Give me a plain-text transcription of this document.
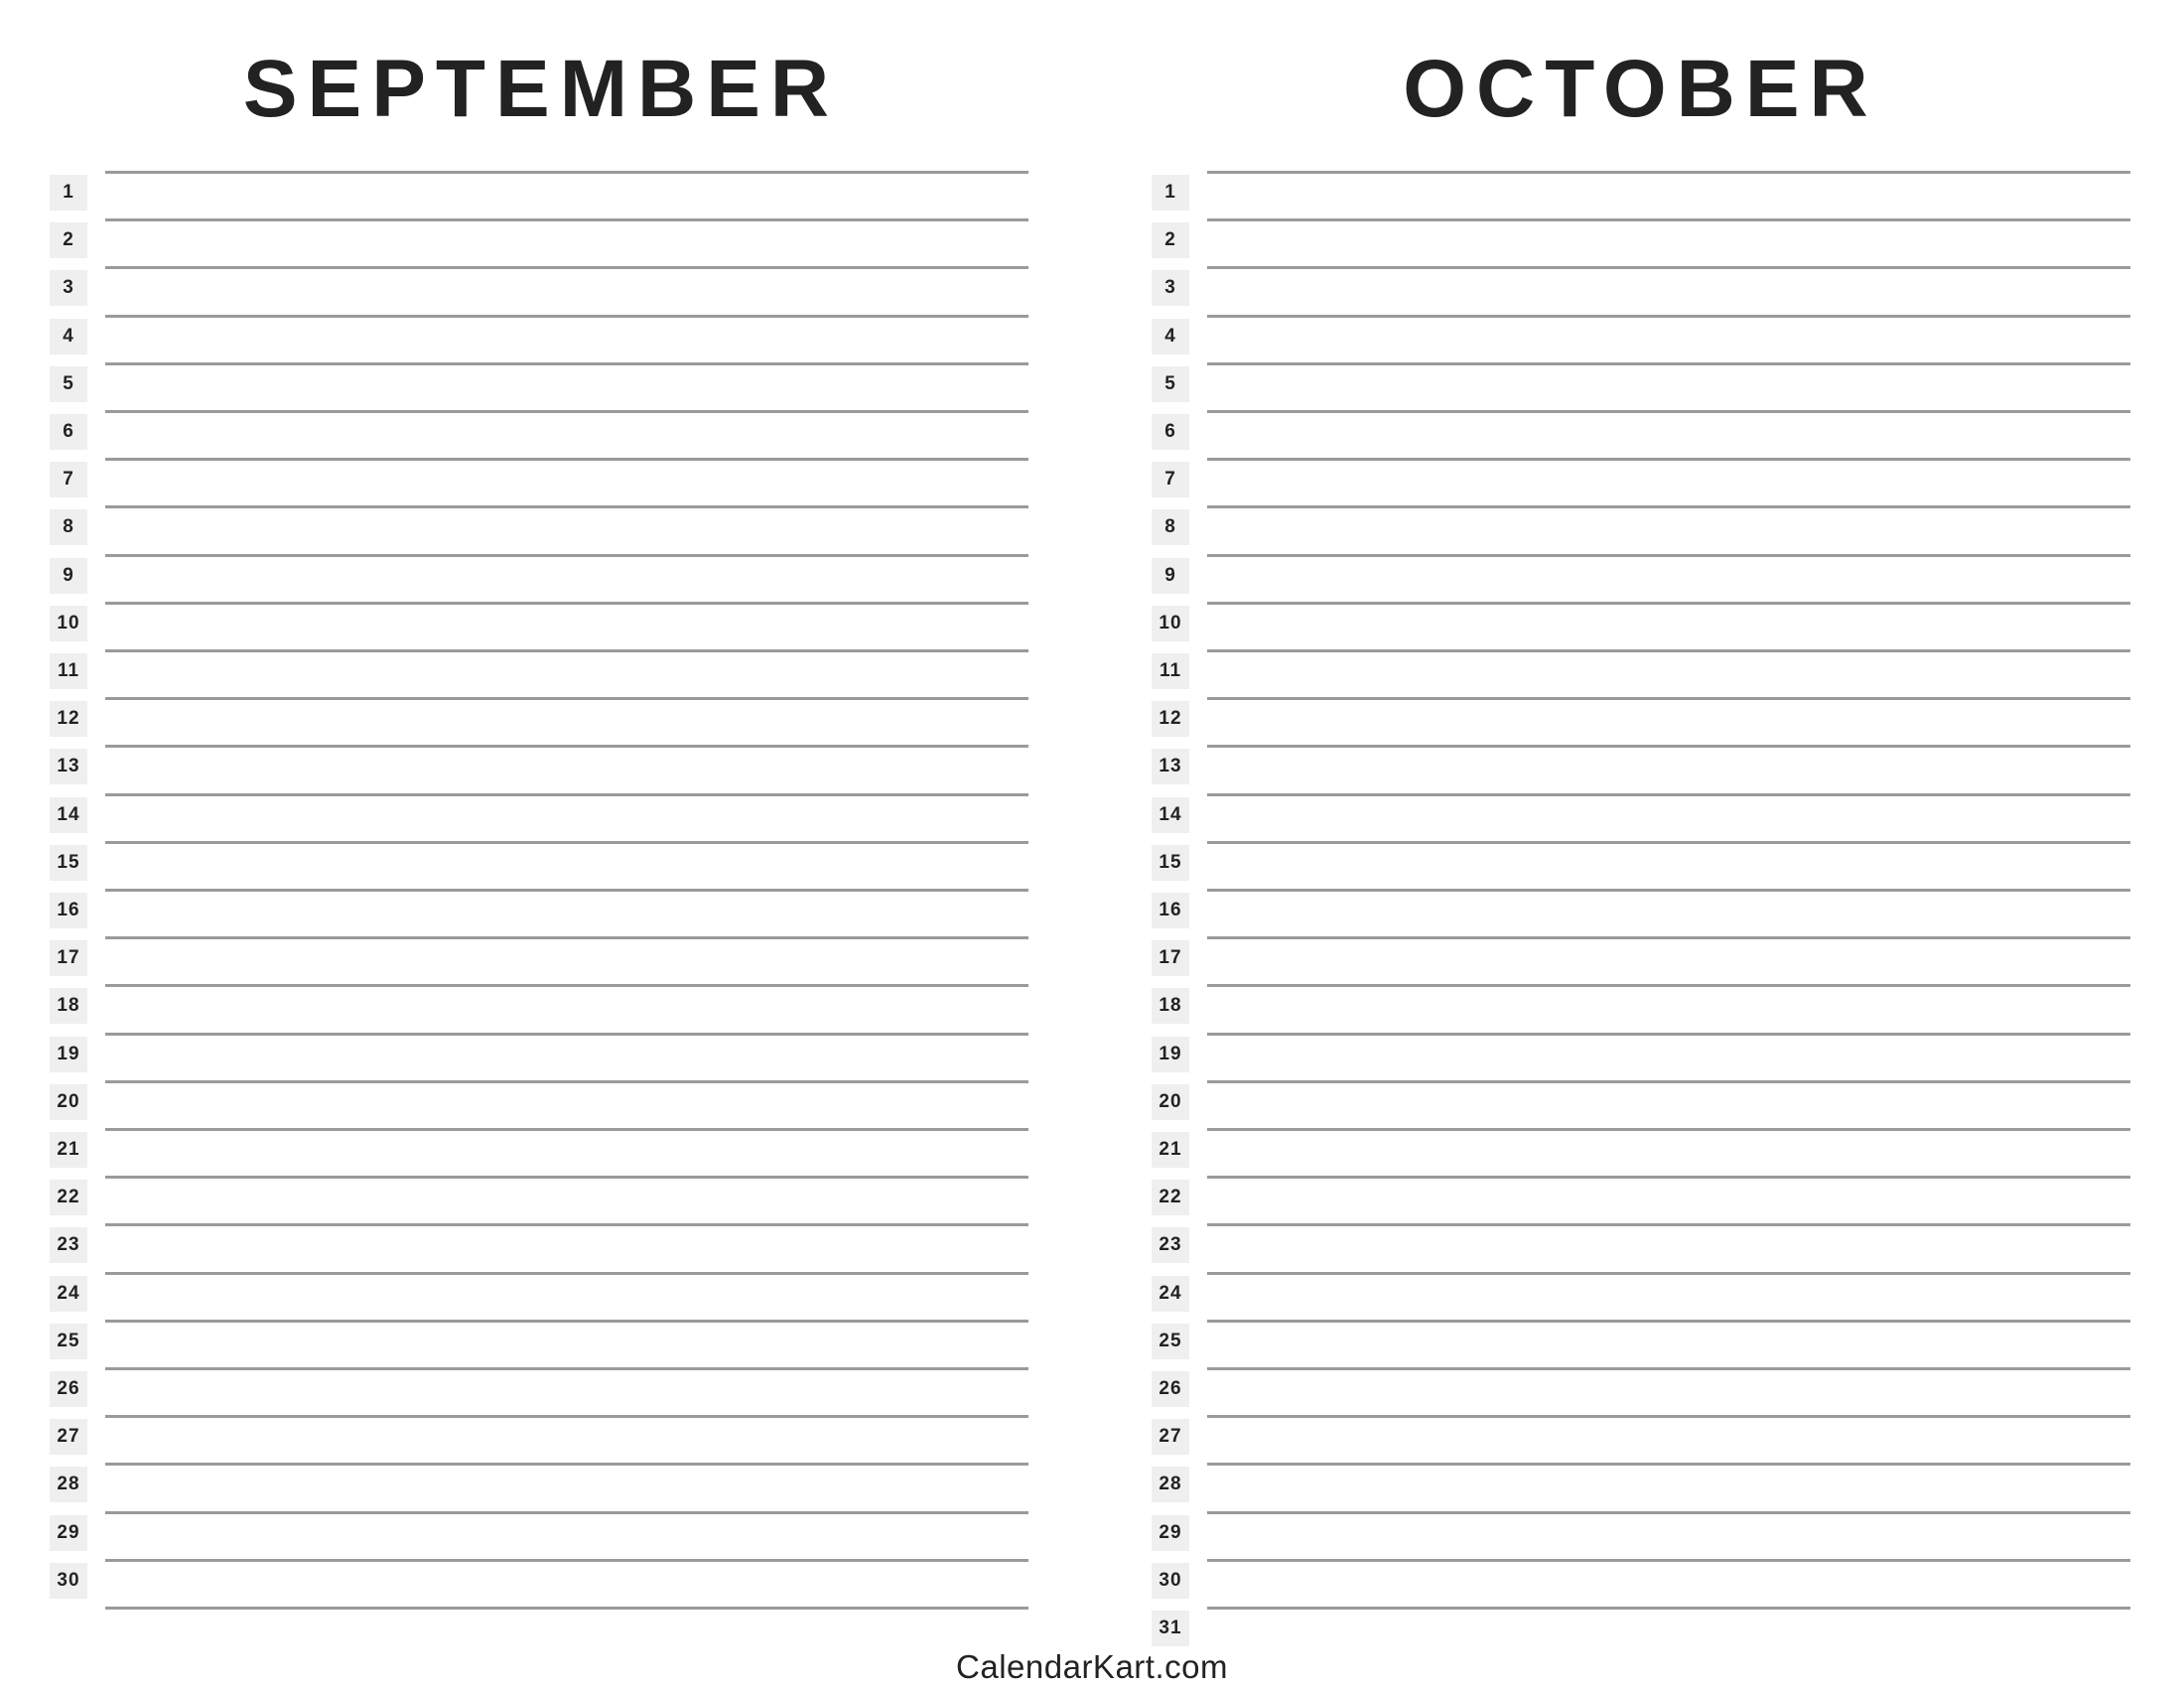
SEPTEMBER
1
2
3
4
5
6
7
8
9
10
11
12
13
14
15
16
17
18
19
20
21
22
23
24
25
26
27
28
29
30
OCTOBER
1
2
3
4
5
6
7
8
9
10
11
12
13
14
15
16
17
18
19
20
21
22
23
24
25
26
27
28
29
30
31
CalendarKart.com
